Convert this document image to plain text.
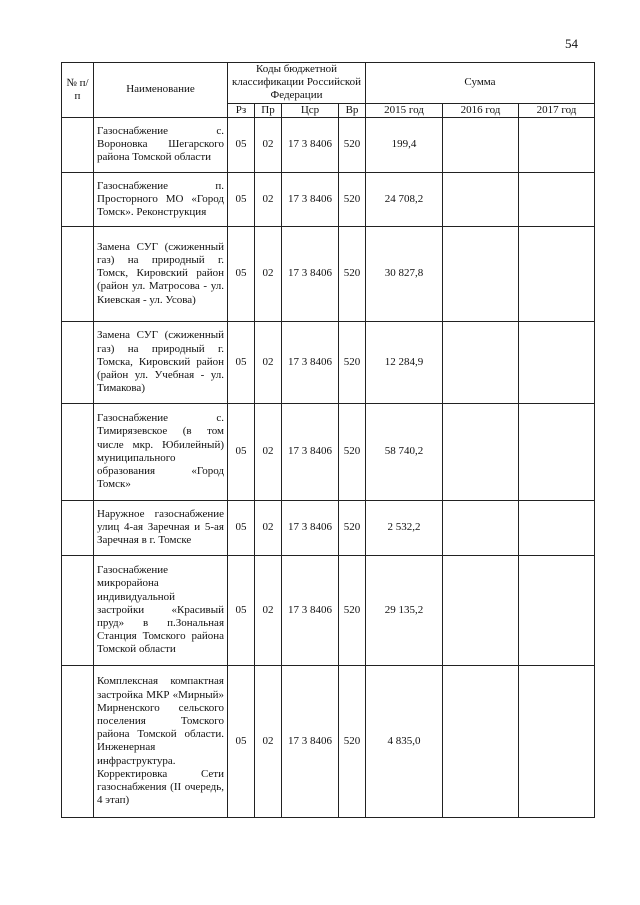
54
№ п/п	Наименование	Коды бюджетной классификации Российской Федерации				Сумма		
		Рз	Пр	Цср	Вр	2015 год	2016 год	2017 год
	Газоснабжение с. Вороновка Шегарского района Томской области	05	02	17 3 8406	520	199,4		
	Газоснабжение п. Просторного МО «Город Томск». Реконструкция	05	02	17 3 8406	520	24 708,2		
	Замена СУГ (сжиженный газ) на природный г. Томск, Кировский район (район ул. Матросова - ул. Киевская - ул. Усова)	05	02	17 3 8406	520	30 827,8		
	Замена СУГ (сжиженный газ) на природный г. Томска, Кировский район (район ул. Учебная - ул. Тимакова)	05	02	17 3 8406	520	12 284,9		
	Газоснабжение с. Тимирязевское (в том числе мкр. Юбилейный) муниципального образования «Город Томск»	05	02	17 3 8406	520	58 740,2		
	Наружное газоснабжение улиц 4-ая Заречная и 5-ая Заречная в г. Томске	05	02	17 3 8406	520	2 532,2		
	Газоснабжение микрорайона индивидуальной застройки «Красивый пруд» в п.Зональная Станция Томского района Томской области	05	02	17 3 8406	520	29 135,2		
	Комплексная компактная застройка МКР «Мирный» Мирненского сельского поселения Томского района Томской области. Инженерная инфраструктура. Корректировка Сети газоснабжения (II очередь, 4 этап)	05	02	17 3 8406	520	4 835,0		
